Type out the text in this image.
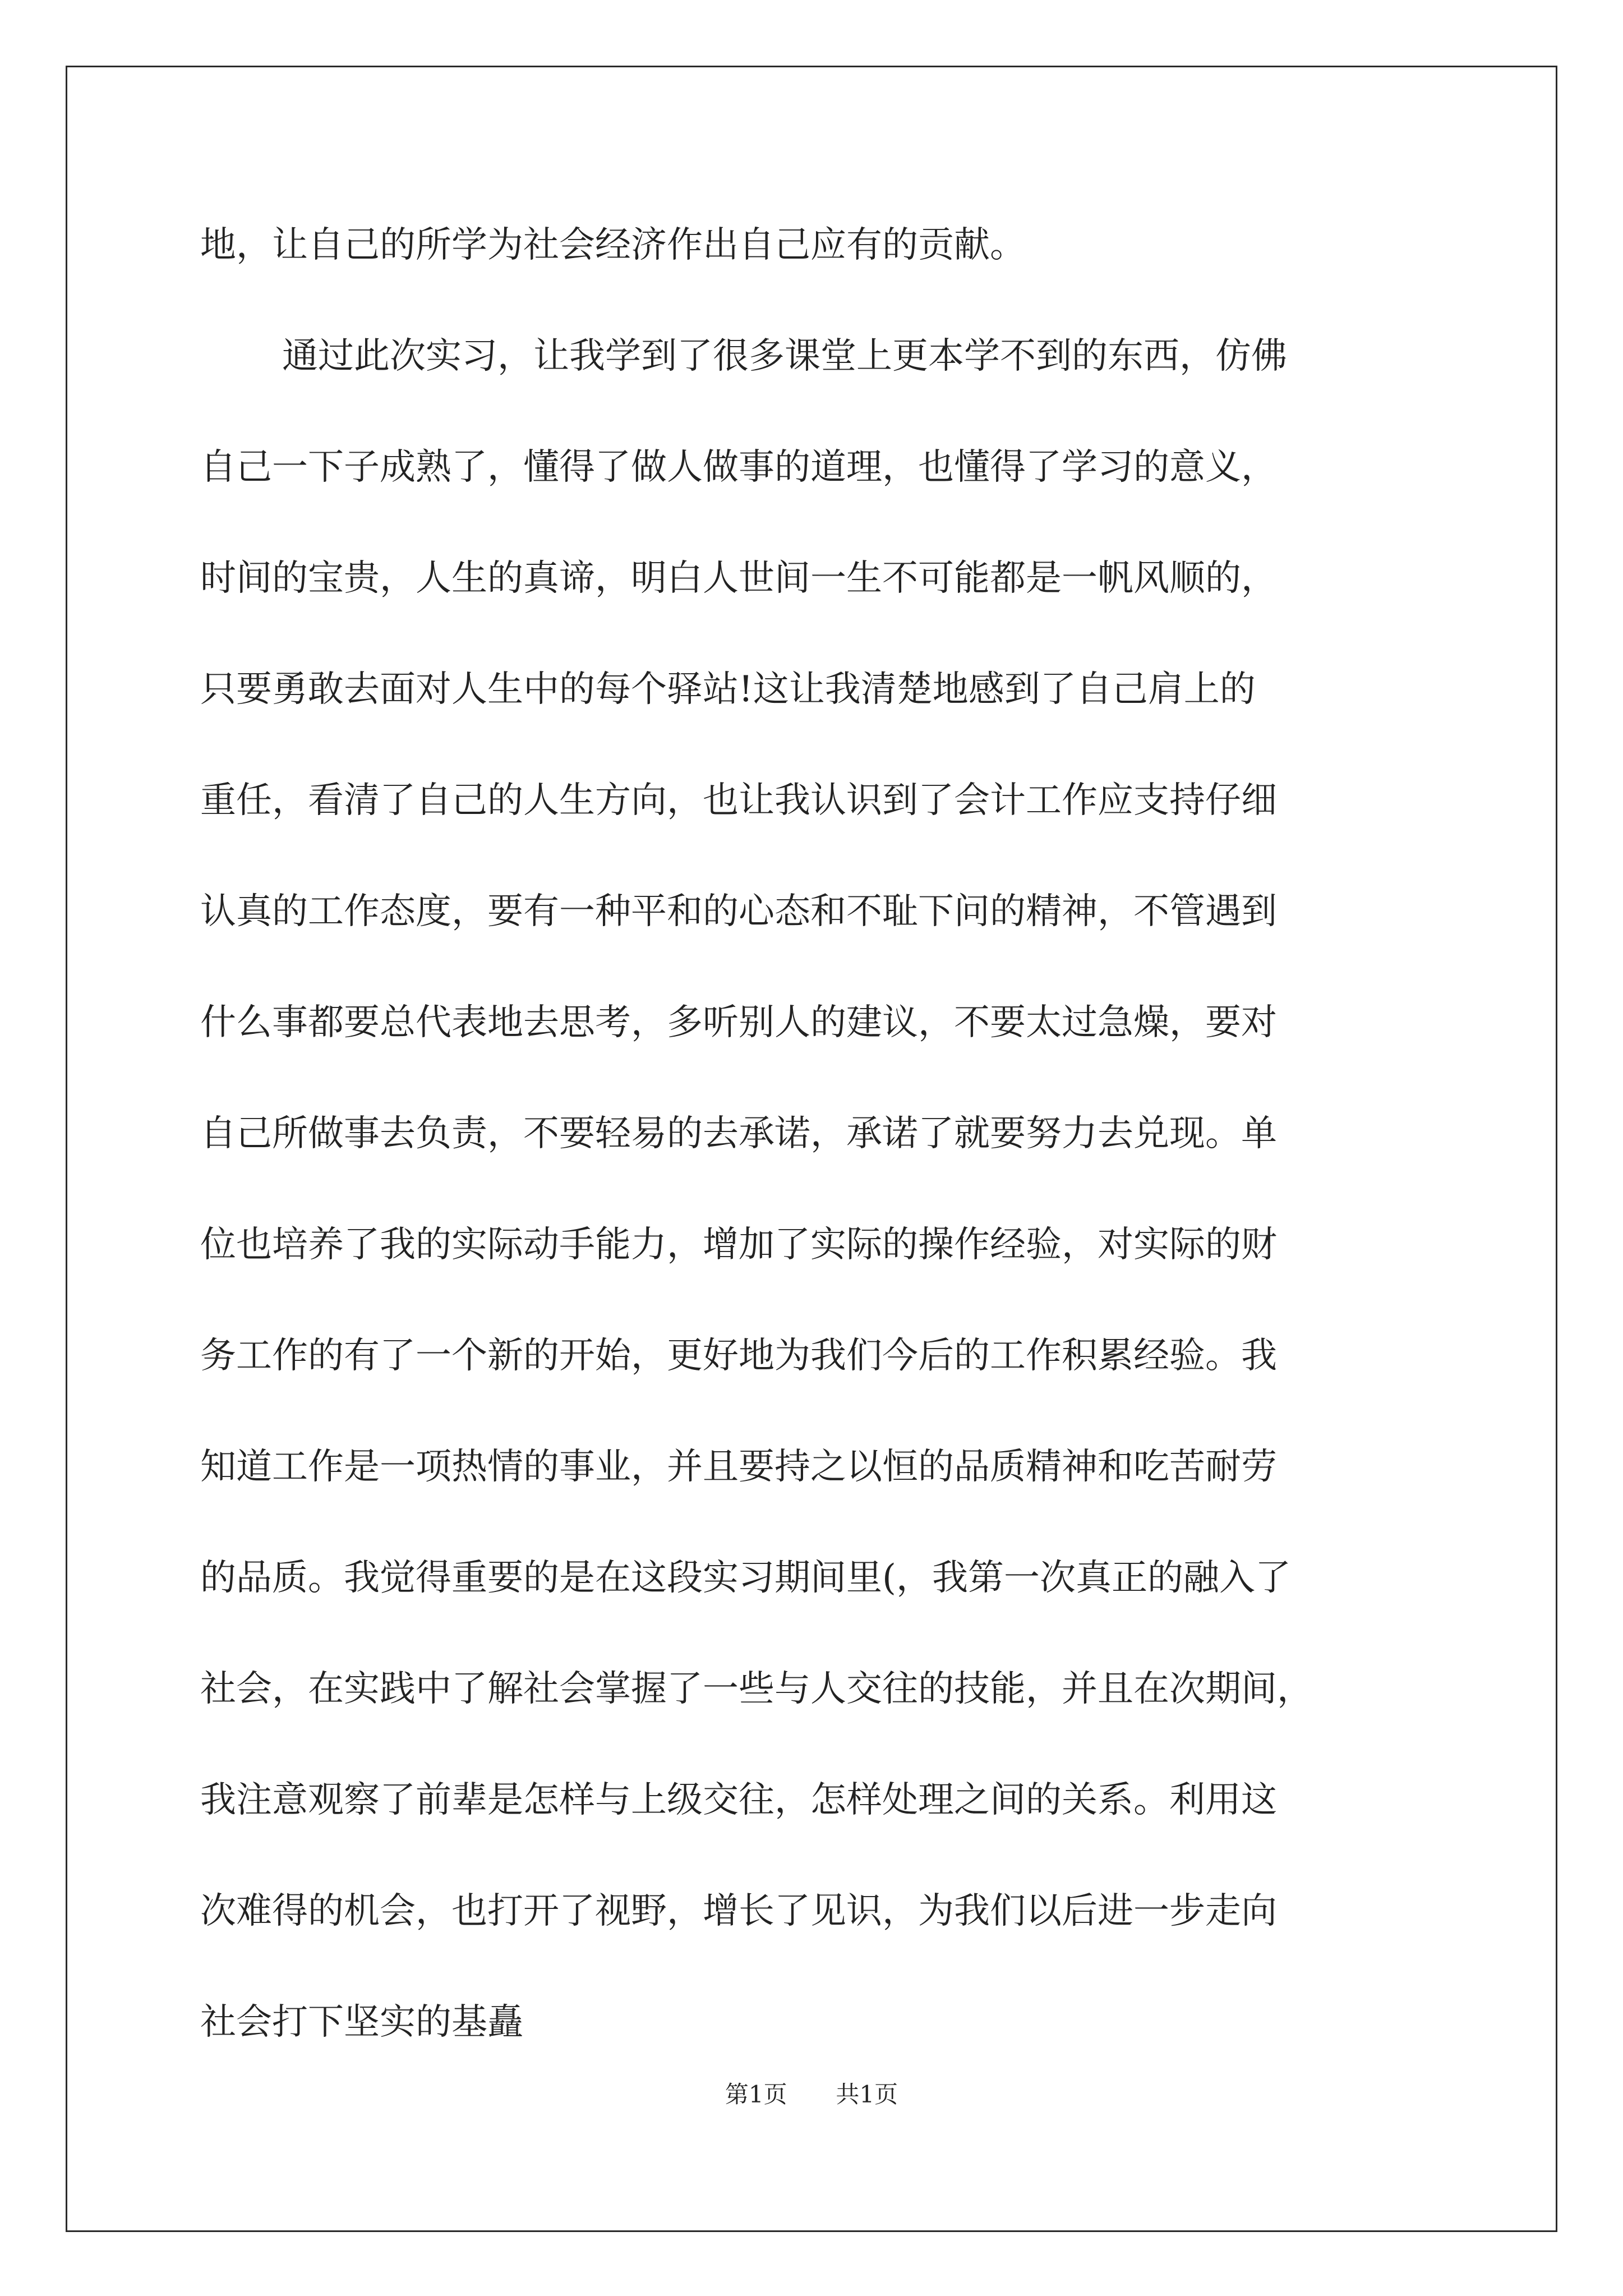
地，让自己的所学为社会经济作出自己应有的贡献。
通过此次实习，让我学到了很多课堂上更本学不到的东西，仿佛
自己一下子成熟了，懂得了做人做事的道理，也懂得了学习的意义，
时间的宝贵，人生的真谛，明白人世间一生不可能都是一帆风顺的，
只要勇敢去面对人生中的每个驿站!这让我清楚地感到了自己肩上的
重任，看清了自己的人生方向，也让我认识到了会计工作应支持仔细
认真的工作态度，要有一种平和的心态和不耻下问的精神，不管遇到
什么事都要总代表地去思考，多听别人的建议，不要太过急燥，要对
自己所做事去负责，不要轻易的去承诺，承诺了就要努力去兑现。单
位也培养了我的实际动手能力，增加了实际的操作经验，对实际的财
务工作的有了一个新的开始，更好地为我们今后的工作积累经验。我
知道工作是一项热情的事业，并且要持之以恒的品质精神和吃苦耐劳
的品质。我觉得重要的是在这段实习期间里(，我第一次真正的融入了
社会，在实践中了解社会掌握了一些与人交往的技能，并且在次期间，
我注意观察了前辈是怎样与上级交往，怎样处理之间的关系。利用这
次难得的机会，也打开了视野，增长了见识，为我们以后进一步走向
社会打下坚实的基矗
第1页 共1页
